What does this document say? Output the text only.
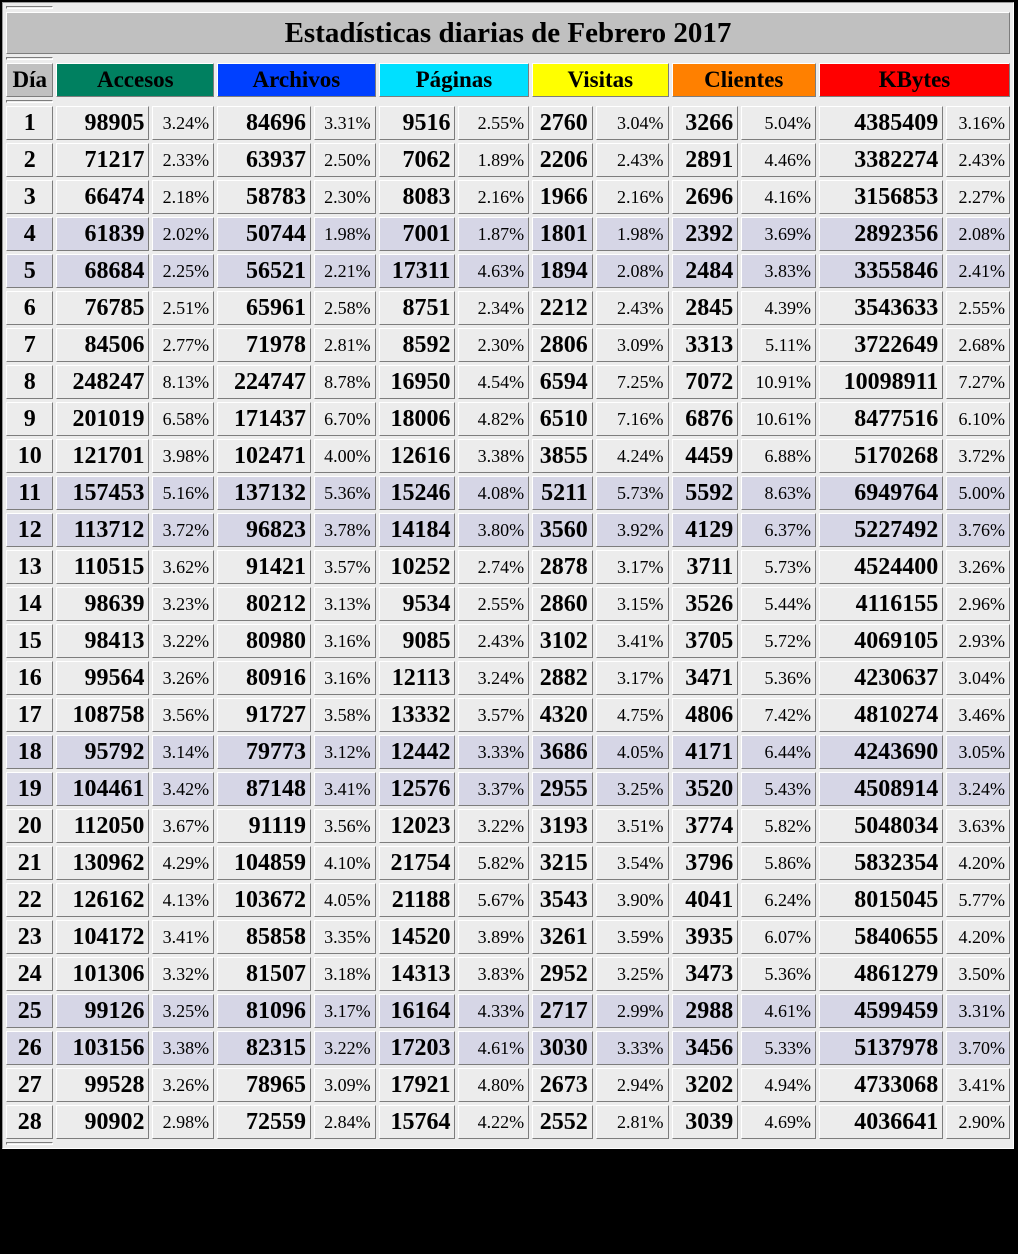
Estadísticas diarias de Febrero 2017												

Día	Accesos		Archivos		Páginas		Visitas		Clientes		KBytes	

1	98905	3.24%	84696	3.31%	9516	2.55%	2760	3.04%	3266	5.04%	4385409	3.16%
2	71217	2.33%	63937	2.50%	7062	1.89%	2206	2.43%	2891	4.46%	3382274	2.43%
3	66474	2.18%	58783	2.30%	8083	2.16%	1966	2.16%	2696	4.16%	3156853	2.27%
4	61839	2.02%	50744	1.98%	7001	1.87%	1801	1.98%	2392	3.69%	2892356	2.08%
5	68684	2.25%	56521	2.21%	17311	4.63%	1894	2.08%	2484	3.83%	3355846	2.41%
6	76785	2.51%	65961	2.58%	8751	2.34%	2212	2.43%	2845	4.39%	3543633	2.55%
7	84506	2.77%	71978	2.81%	8592	2.30%	2806	3.09%	3313	5.11%	3722649	2.68%
8	248247	8.13%	224747	8.78%	16950	4.54%	6594	7.25%	7072	10.91%	10098911	7.27%
9	201019	6.58%	171437	6.70%	18006	4.82%	6510	7.16%	6876	10.61%	8477516	6.10%
10	121701	3.98%	102471	4.00%	12616	3.38%	3855	4.24%	4459	6.88%	5170268	3.72%
11	157453	5.16%	137132	5.36%	15246	4.08%	5211	5.73%	5592	8.63%	6949764	5.00%
12	113712	3.72%	96823	3.78%	14184	3.80%	3560	3.92%	4129	6.37%	5227492	3.76%
13	110515	3.62%	91421	3.57%	10252	2.74%	2878	3.17%	3711	5.73%	4524400	3.26%
14	98639	3.23%	80212	3.13%	9534	2.55%	2860	3.15%	3526	5.44%	4116155	2.96%
15	98413	3.22%	80980	3.16%	9085	2.43%	3102	3.41%	3705	5.72%	4069105	2.93%
16	99564	3.26%	80916	3.16%	12113	3.24%	2882	3.17%	3471	5.36%	4230637	3.04%
17	108758	3.56%	91727	3.58%	13332	3.57%	4320	4.75%	4806	7.42%	4810274	3.46%
18	95792	3.14%	79773	3.12%	12442	3.33%	3686	4.05%	4171	6.44%	4243690	3.05%
19	104461	3.42%	87148	3.41%	12576	3.37%	2955	3.25%	3520	5.43%	4508914	3.24%
20	112050	3.67%	91119	3.56%	12023	3.22%	3193	3.51%	3774	5.82%	5048034	3.63%
21	130962	4.29%	104859	4.10%	21754	5.82%	3215	3.54%	3796	5.86%	5832354	4.20%
22	126162	4.13%	103672	4.05%	21188	5.67%	3543	3.90%	4041	6.24%	8015045	5.77%
23	104172	3.41%	85858	3.35%	14520	3.89%	3261	3.59%	3935	6.07%	5840655	4.20%
24	101306	3.32%	81507	3.18%	14313	3.83%	2952	3.25%	3473	5.36%	4861279	3.50%
25	99126	3.25%	81096	3.17%	16164	4.33%	2717	2.99%	2988	4.61%	4599459	3.31%
26	103156	3.38%	82315	3.22%	17203	4.61%	3030	3.33%	3456	5.33%	5137978	3.70%
27	99528	3.26%	78965	3.09%	17921	4.80%	2673	2.94%	3202	4.94%	4733068	3.41%
28	90902	2.98%	72559	2.84%	15764	4.22%	2552	2.81%	3039	4.69%	4036641	2.90%
